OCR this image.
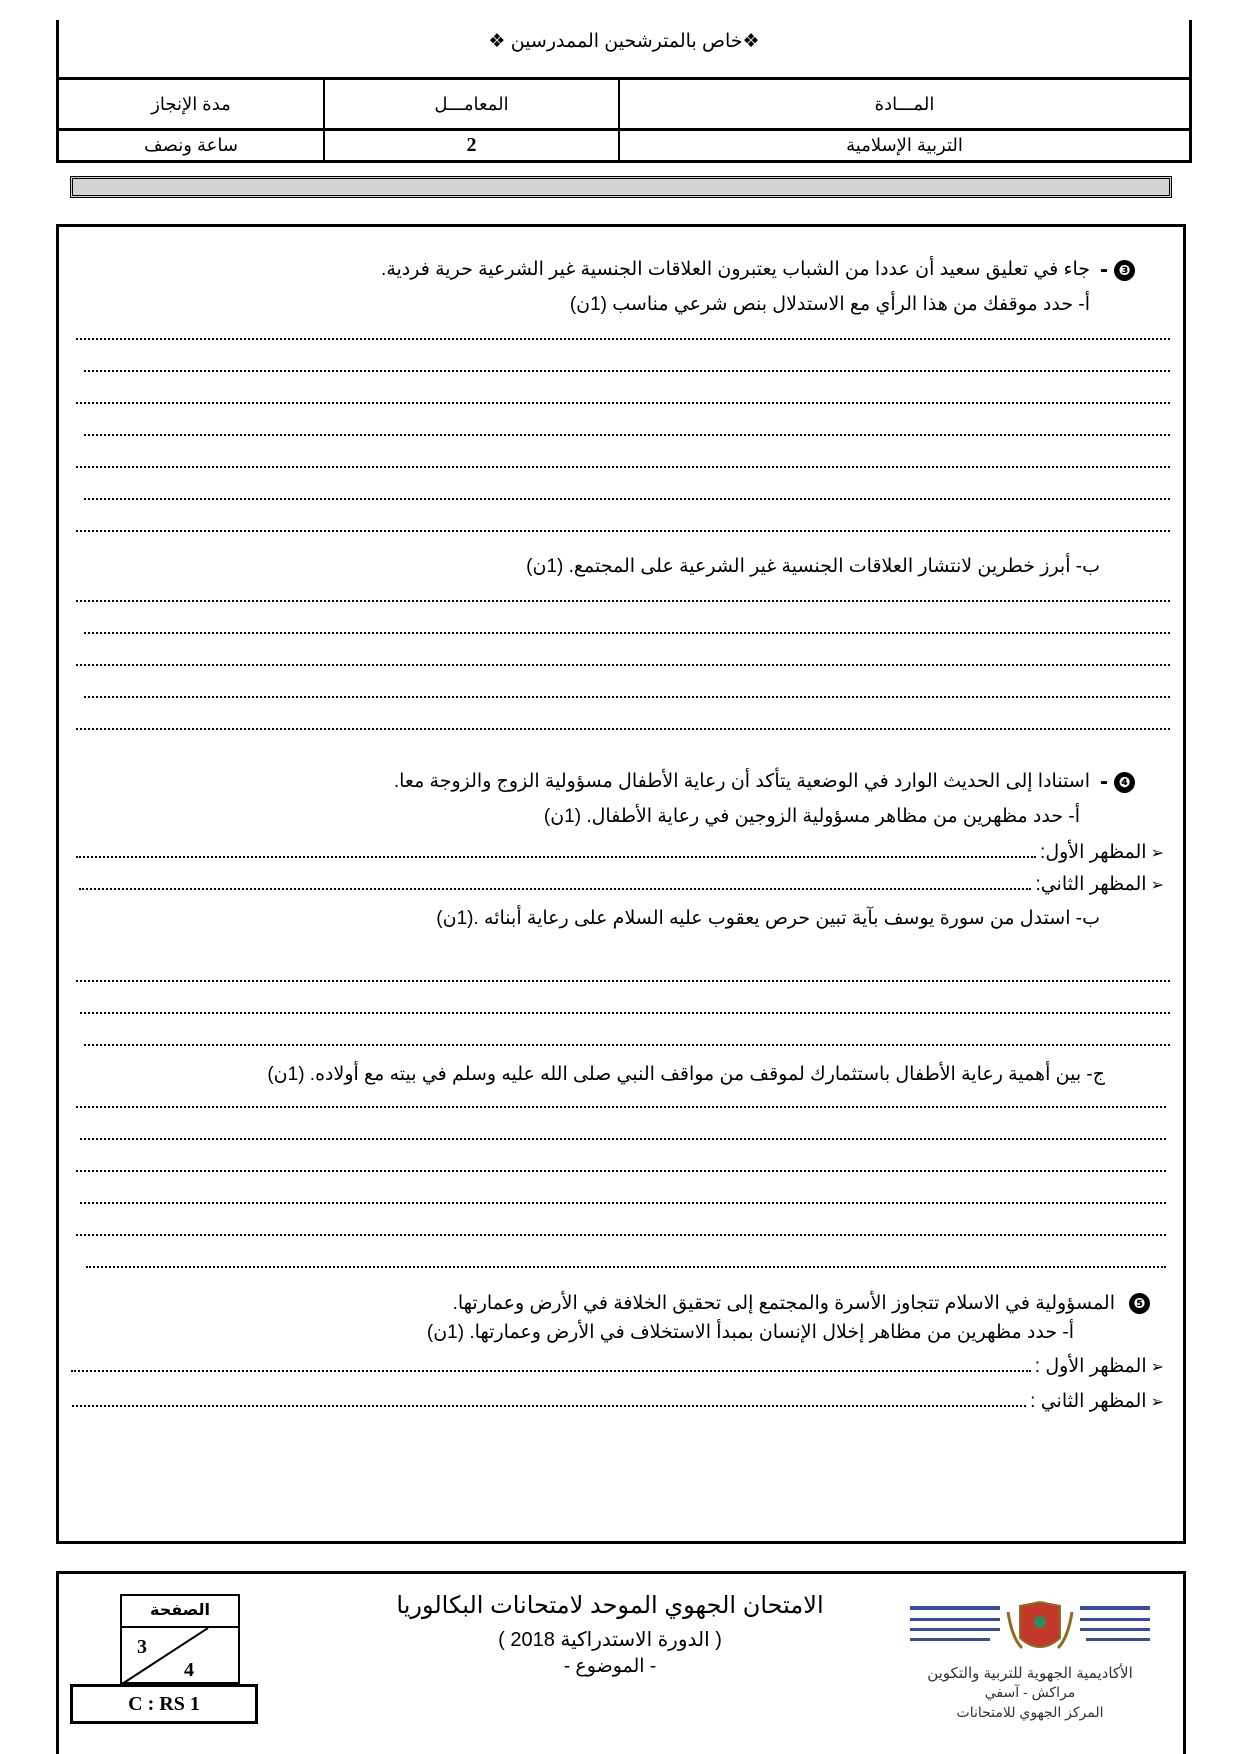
❖خاص بالمترشحين الممدرسين ❖
المـــادة
المعامـــل
مدة الإنجاز
التربية الإسلامية
2
ساعة ونصف
❸-جاء في تعليق سعيد أن عددا من الشباب يعتبرون العلاقات الجنسية غير الشرعية حرية فردية.
أ- حدد موقفك من هذا الرأي مع الاستدلال بنص شرعي مناسب (1ن)
ب- أبرز خطرين لانتشار العلاقات الجنسية غير الشرعية على المجتمع. (1ن)
❹-استنادا إلى الحديث الوارد في الوضعية يتأكد أن رعاية الأطفال مسؤولية الزوج والزوجة معا.
أ- حدد مظهرين من مظاهر مسؤولية الزوجين في رعاية الأطفال. (1ن)
➢المظهر الأول:
➢المظهر الثاني:
ب- استدل من سورة يوسف بآية تبين حرص يعقوب عليه السلام على رعاية أبنائه .(1ن)
ج- بين أهمية رعاية الأطفال باستثمارك لموقف من مواقف النبي صلى الله عليه وسلم في بيته مع أولاده. (1ن)
❺المسؤولية في الاسلام تتجاوز الأسرة والمجتمع إلى تحقيق الخلافة في الأرض وعمارتها.
أ- حدد مظهرين من مظاهر إخلال الإنسان بمبدأ الاستخلاف في الأرض وعمارتها. (1ن)
➢المظهر الأول :
➢المظهر الثاني :
الامتحان الجهوي الموحد لامتحانات البكالوريا
( الدورة الاستدراكية 2018 )
- الموضوع -
الصفحة
3
4
C : RS 1
الأكاديمية الجهوية للتربية والتكوين
مراكش - آسفي
المركز الجهوي للامتحانات
